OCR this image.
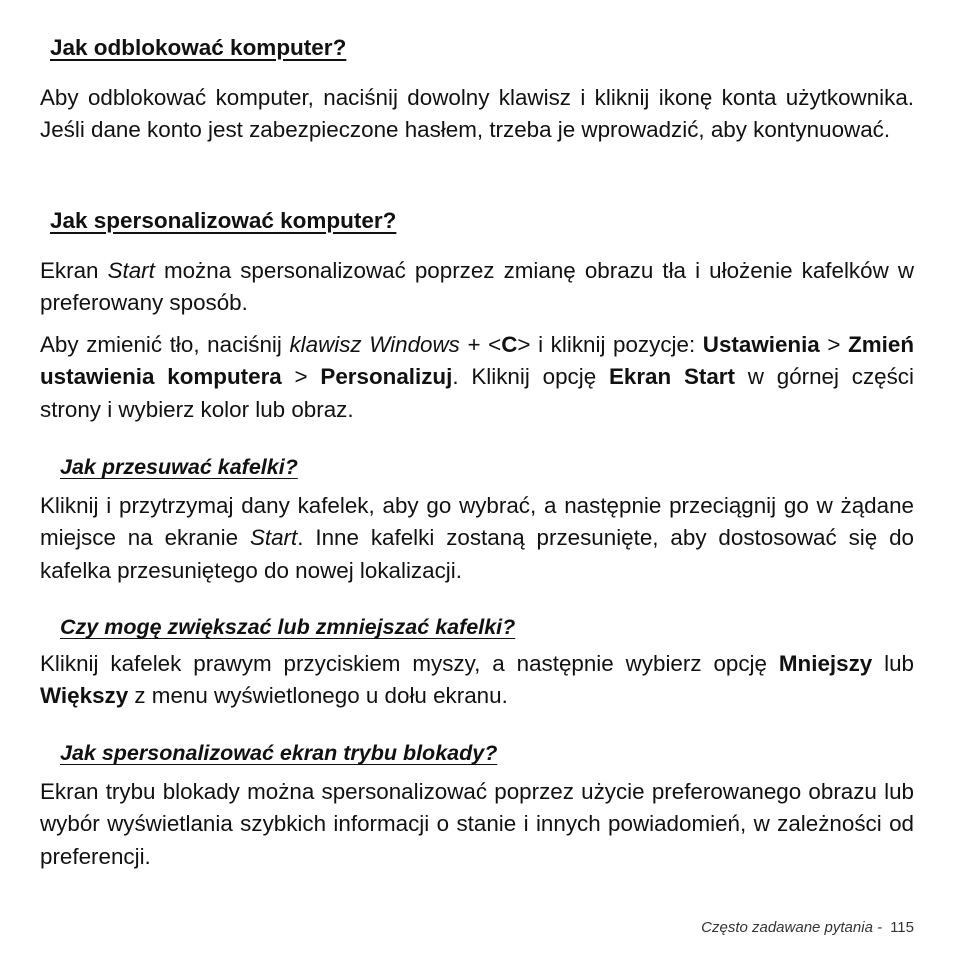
Jak odblokować komputer?

Aby odblokować komputer, naciśnij dowolny klawisz i kliknij ikonę konta użytkownika. Jeśli dane konto jest zabezpieczone hasłem, trzeba je wprowadzić, aby kontynuować.

Jak spersonalizować komputer?

Ekran Start można spersonalizować poprzez zmianę obrazu tła i ułożenie kafelków w preferowany sposób.

Aby zmienić tło, naciśnij klawisz Windows + <C> i kliknij pozycje: Ustawienia > Zmień ustawienia komputera > Personalizuj. Kliknij opcję Ekran Start w górnej części strony i wybierz kolor lub obraz.

Jak przesuwać kafelki?

Kliknij i przytrzymaj dany kafelek, aby go wybrać, a następnie przeciągnij go w żądane miejsce na ekranie Start. Inne kafelki zostaną przesunięte, aby dostosować się do kafelka przesuniętego do nowej lokalizacji.

Czy mogę zwiększać lub zmniejszać kafelki?

Kliknij kafelek prawym przyciskiem myszy, a następnie wybierz opcję Mniejszy lub Większy z menu wyświetlonego u dołu ekranu.

Jak spersonalizować ekran trybu blokady?

Ekran trybu blokady można spersonalizować poprzez użycie preferowanego obrazu lub wybór wyświetlania szybkich informacji o stanie i innych powiadomień, w zależności od preferencji.

Często zadawane pytania - 115
